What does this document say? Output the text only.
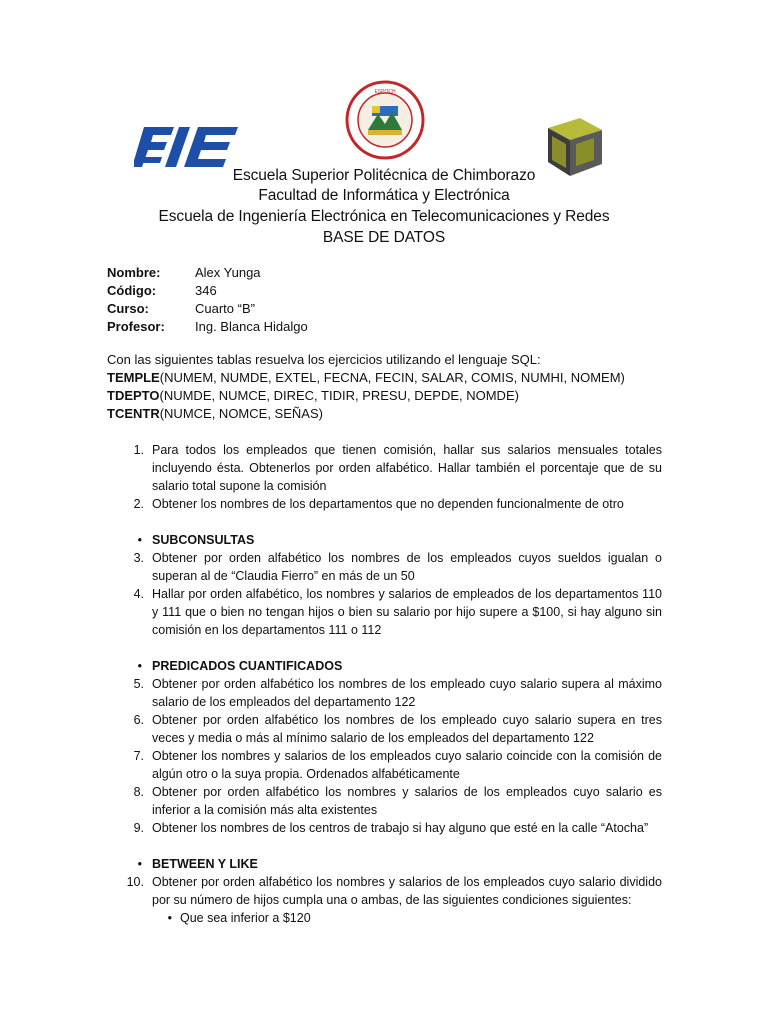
ESPOCH
Escuela Superior Politécnica de Chimborazo
Facultad de Informática y Electrónica
Escuela de Ingeniería Electrónica en Telecomunicaciones y Redes
BASE DE DATOS
Nombre:	Alex Yunga
Código:	346
Curso:	Cuarto “B”
Profesor:	Ing. Blanca Hidalgo
Con las siguientes tablas resuelva los ejercicios utilizando el lenguaje SQL:
TEMPLE(NUMEM, NUMDE, EXTEL, FECNA, FECIN, SALAR, COMIS, NUMHI, NOMEM)
TDEPTO(NUMDE, NUMCE, DIREC, TIDIR, PRESU, DEPDE, NOMDE)
TCENTR(NUMCE, NOMCE, SEÑAS)
1. Para todos los empleados que tienen comisión, hallar sus salarios mensuales totales incluyendo ésta. Obtenerlos por orden alfabético. Hallar también el porcentaje que de su salario total supone la comisión
2. Obtener los nombres de los departamentos que no dependen funcionalmente de otro
• SUBCONSULTAS
3. Obtener por orden alfabético los nombres de los empleados cuyos sueldos igualan o superan al de “Claudia Fierro” en más de un 50
4. Hallar por orden alfabético, los nombres y salarios de empleados de los departamentos 110 y 111 que o bien no tengan hijos o bien su salario por hijo supere a $100, si hay alguno sin comisión en los departamentos 111 o 112
• PREDICADOS CUANTIFICADOS
5. Obtener por orden alfabético los nombres de los empleado cuyo salario supera al máximo salario de los empleados del departamento 122
6. Obtener por orden alfabético los nombres de los empleado cuyo salario supera en tres veces y media o más al mínimo salario de los empleados del departamento 122
7. Obtener los nombres y salarios de los empleados cuyo salario coincide con la comisión de algún otro o la suya propia. Ordenados alfabéticamente
8. Obtener por orden alfabético los nombres y salarios de los empleados cuyo salario es inferior a la comisión más alta existentes
9. Obtener los nombres de los centros de trabajo si hay alguno que esté en la calle “Atocha”
• BETWEEN Y LIKE
10. Obtener por orden alfabético los nombres y salarios de los empleados cuyo salario dividido por su número de hijos cumpla una o ambas, de las siguientes condiciones siguientes:
• Que sea inferior a $120
